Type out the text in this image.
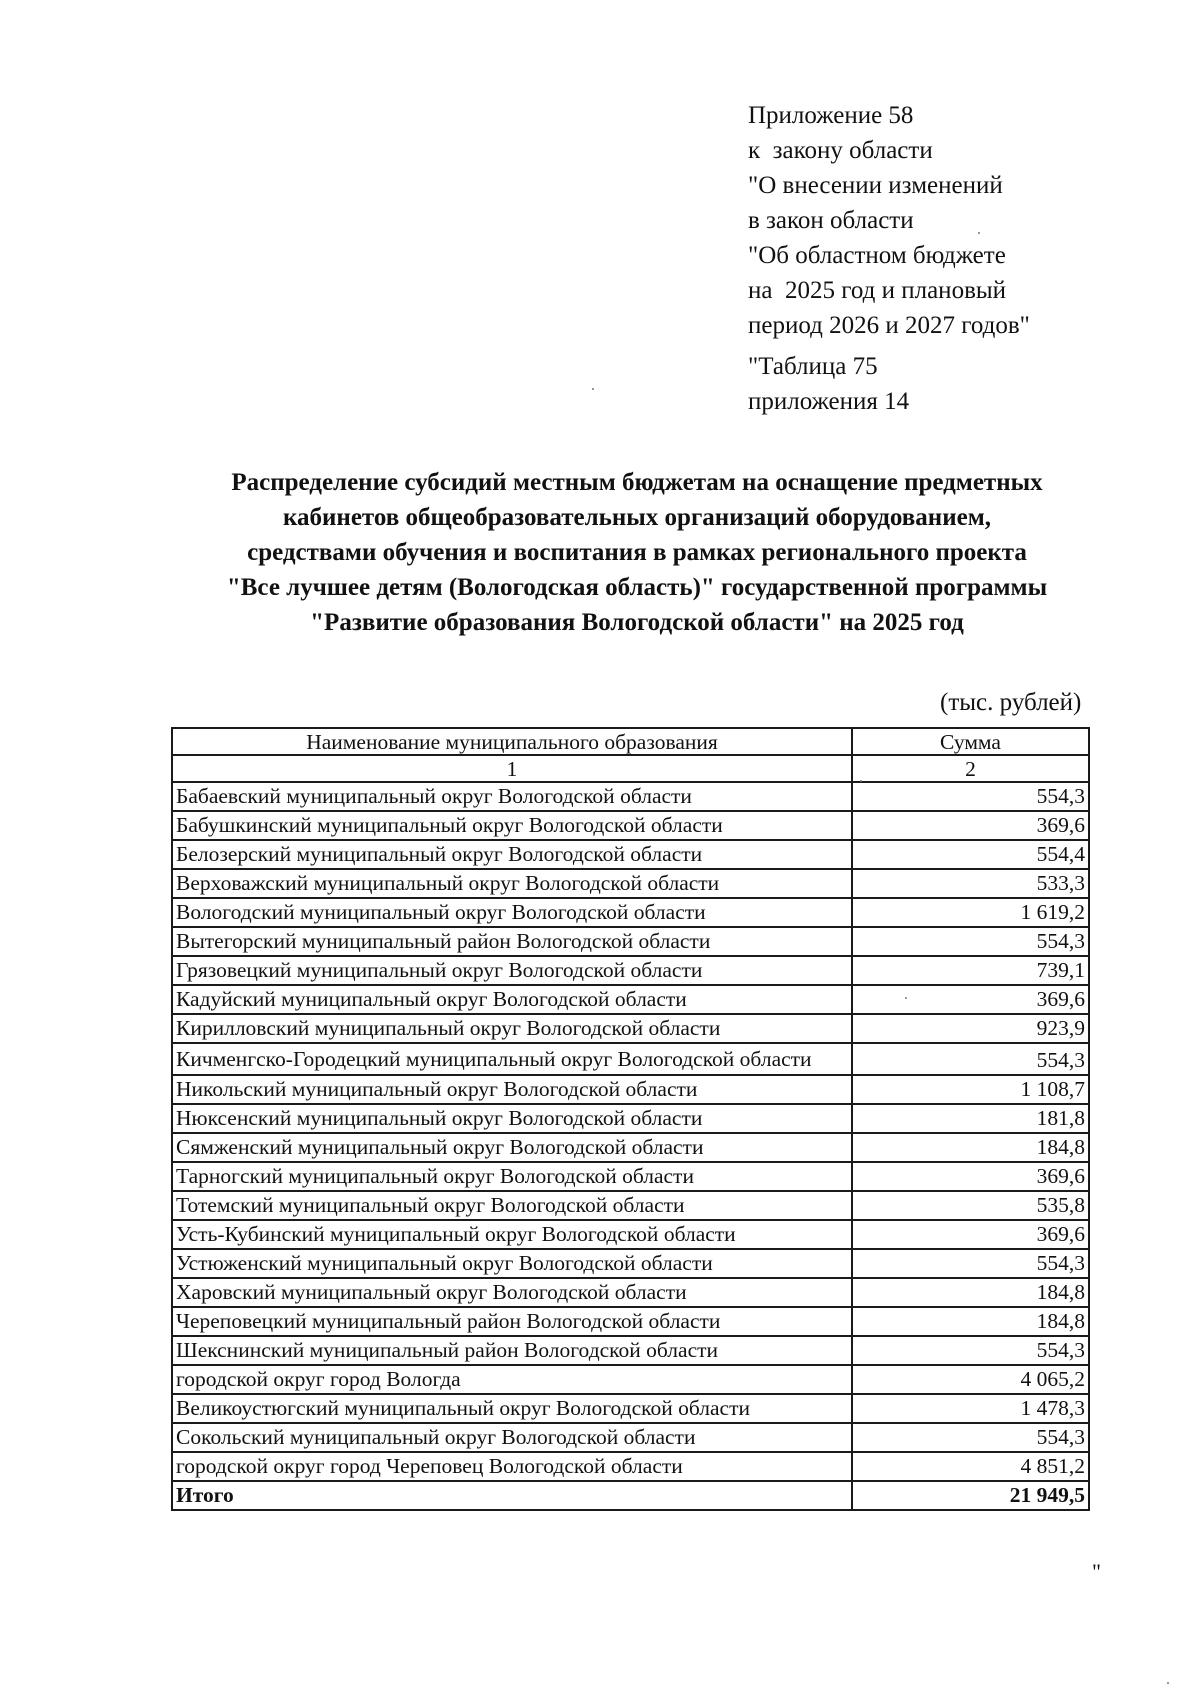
Приложение 58
к  закону области
"О внесении изменений
в закон области
"Об областном бюджете
на  2025 год и плановый
период 2026 и 2027 годов"
"Таблица 75
приложения 14
Распределение субсидий местным бюджетам на оснащение предметных
кабинетов общеобразовательных организаций оборудованием,
средствами обучения и воспитания в рамках регионального проекта
"Все лучшее детям (Вологодская область)" государственной программы
"Развитие образования Вологодской области" на 2025 год
(тыс. рублей)
Наименование муниципального образования	Сумма
1	2
Бабаевский муниципальный округ Вологодской области	554,3
Бабушкинский муниципальный округ Вологодской области	369,6
Белозерский муниципальный округ Вологодской области	554,4
Верховажский муниципальный округ Вологодской области	533,3
Вологодский муниципальный округ Вологодской области	1 619,2
Вытегорский муниципальный район Вологодской области	554,3
Грязовецкий муниципальный округ Вологодской области	739,1
Кадуйский муниципальный округ Вологодской области	369,6
Кирилловский муниципальный округ Вологодской области	923,9
Кичменгско-Городецкий муниципальный округ Вологодской области	554,3
Никольский муниципальный округ Вологодской области	1 108,7
Нюксенский муниципальный округ Вологодской области	181,8
Сямженский муниципальный округ Вологодской области	184,8
Тарногский муниципальный округ Вологодской области	369,6
Тотемский муниципальный округ Вологодской области	535,8
Усть-Кубинский муниципальный округ Вологодской области	369,6
Устюженский муниципальный округ Вологодской области	554,3
Харовский муниципальный округ Вологодской области	184,8
Череповецкий муниципальный район Вологодской области	184,8
Шекснинский муниципальный район Вологодской области	554,3
городской округ город Вологда	4 065,2
Великоустюгский муниципальный округ Вологодской области	1 478,3
Сокольский муниципальный округ Вологодской области	554,3
городской округ город Череповец Вологодской области	4 851,2
Итого	21 949,5
"
